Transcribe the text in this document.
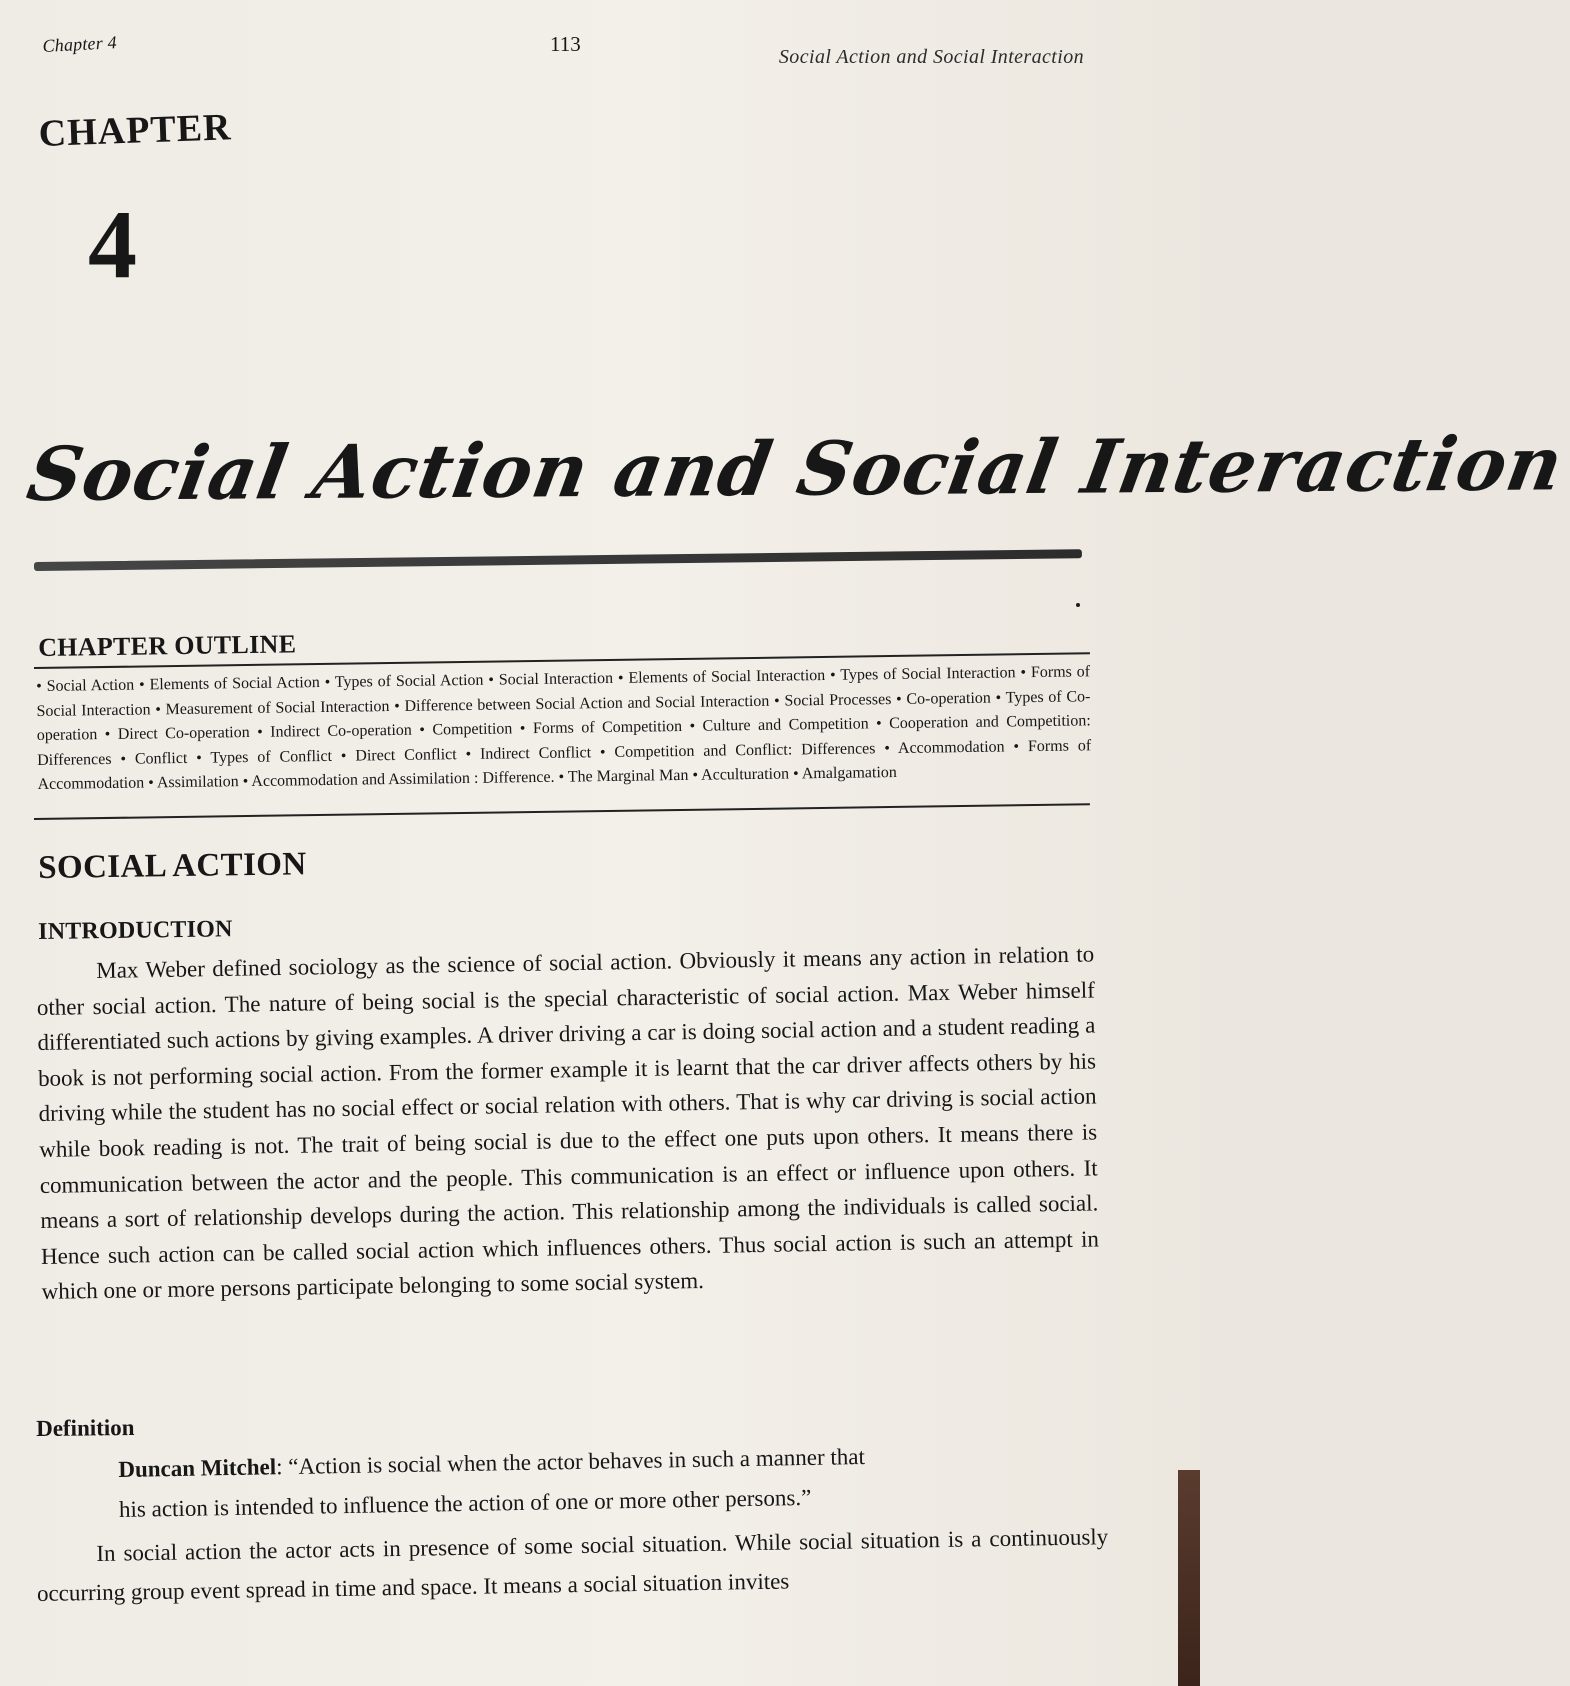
Chapter 4	113
Social Action and Social Interaction
CHAPTER
4
Social Action and Social Interaction
CHAPTER OUTLINE
• Social Action • Elements of Social Action • Types of Social Action • Social Interaction • Elements of Social Interaction • Types of Social Interaction • Forms of Social Interaction • Measurement of Social Interaction • Difference between Social Action and Social Interaction • Social Processes • Co-operation • Types of Co-operation • Direct Co-operation • Indirect Co-operation • Competition • Forms of Competition • Culture and Competition • Cooperation and Competition: Differences • Conflict • Types of Conflict • Direct Conflict • Indirect Conflict • Competition and Conflict: Differences • Accommodation • Forms of Accommodation • Assimilation • Accommodation and Assimilation : Difference. • The Marginal Man • Acculturation • Amalgamation
SOCIAL ACTION
INTRODUCTION
Max Weber defined sociology as the science of social action. Obviously it means any action in relation to other social action. The nature of being social is the special characteristic of social action. Max Weber himself differentiated such actions by giving examples. A driver driving a car is doing social action and a student reading a book is not performing social action. From the former example it is learnt that the car driver affects others by his driving while the student has no social effect or social relation with others. That is why car driving is social action while book reading is not. The trait of being social is due to the effect one puts upon others. It means there is communication between the actor and the people. This communication is an effect or influence upon others. It means a sort of relationship develops during the action. This relationship among the individuals is called social. Hence such action can be called social action which influences others. Thus social action is such an attempt in which one or more persons participate belonging to some social system.
Definition
Duncan Mitchel: “Action is social when the actor behaves in such a manner that
his action is intended to influence the action of one or more other persons.”
In social action the actor acts in presence of some social situation. While social situation is a continuously occurring group event spread in time and space. It means a social situation invites
